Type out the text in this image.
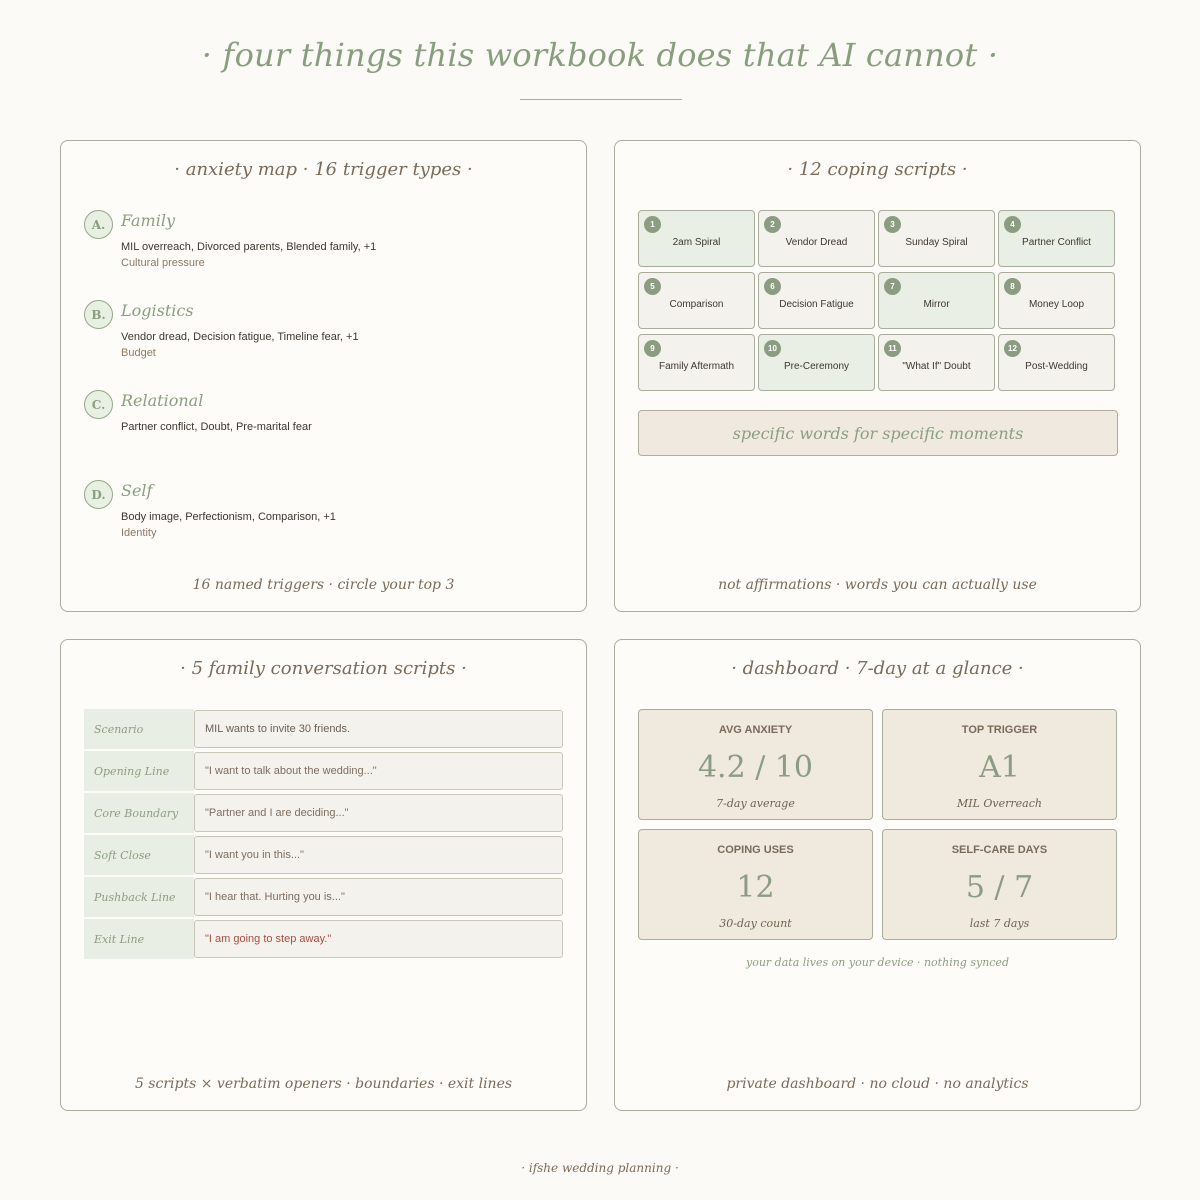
· four things this workbook does that AI cannot ·
· anxiety map · 16 trigger types ·
A. Family
MIL overreach, Divorced parents, Blended family, +1
Cultural pressure
B. Logistics
Vendor dread, Decision fatigue, Timeline fear, +1
Budget
C. Relational
Partner conflict, Doubt, Pre-marital fear
D. Self
Body image, Perfectionism, Comparison, +1
Identity
16 named triggers · circle your top 3
· 12 coping scripts ·
1
2am Spiral
2
Vendor Dread
3
Sunday Spiral
4
Partner Conflict
5
Comparison
6
Decision Fatigue
7
Mirror
8
Money Loop
9
Family Aftermath
10
Pre-Ceremony
11
"What If" Doubt
12
Post-Wedding
specific words for specific moments
not affirmations · words you can actually use
· 5 family conversation scripts ·
Scenario	MIL wants to invite 30 friends.
Opening Line	"I want to talk about the wedding..."
Core Boundary	"Partner and I are deciding..."
Soft Close	"I want you in this..."
Pushback Line	"I hear that. Hurting you is..."
Exit Line	"I am going to step away."
5 scripts × verbatim openers · boundaries · exit lines
· dashboard · 7-day at a glance ·
AVG ANXIETY
4.2 / 10
7-day average
TOP TRIGGER
A1
MIL Overreach
COPING USES
12
30-day count
SELF-CARE DAYS
5 / 7
last 7 days
your data lives on your device · nothing synced
private dashboard · no cloud · no analytics
· ifshe wedding planning ·
